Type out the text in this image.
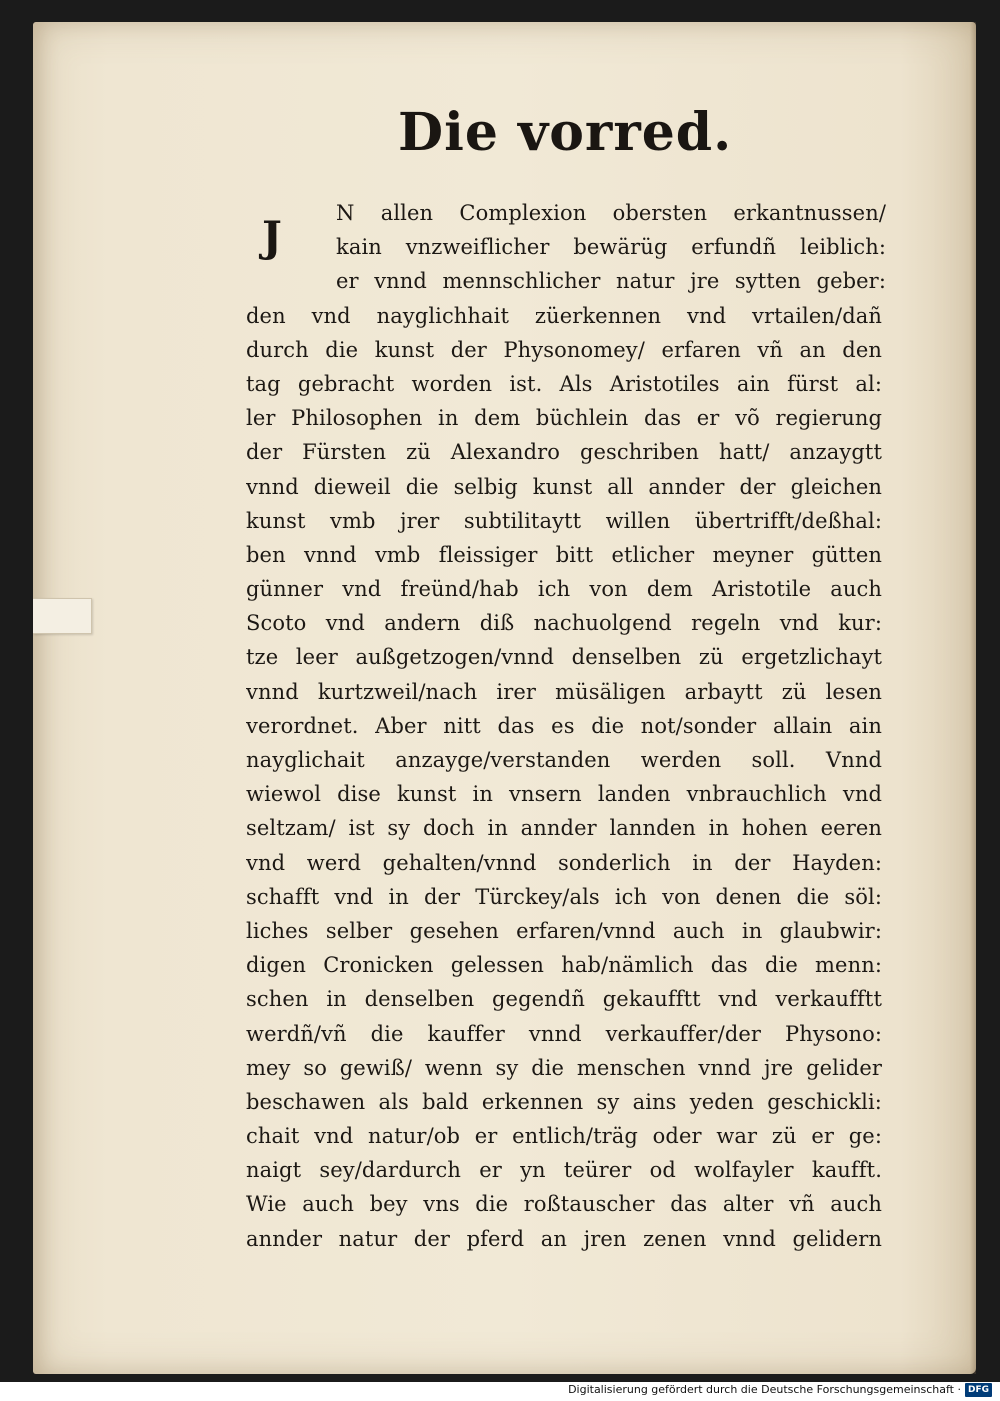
Die vorred.
J	N allen Complexion obersten erkantnussen/
kain vnzweiflicher bewärüg erfundñ leiblich:
er vnnd mennschlicher natur jre sytten geber:
den vnd nayglichhait züerkennen vnd vrtailen/dañ
durch die kunst der Physonomey/ erfaren vñ an den
tag gebracht worden ist. Als Aristotiles ain fürst al:
ler Philosophen in dem büchlein das er võ regierung
der Fürsten zü Alexandro geschriben hatt/ anzaygtt
vnnd dieweil die selbig kunst all annder der gleichen
kunst vmb jrer subtilitaytt willen übertrifft/deßhal:
ben vnnd vmb fleissiger bitt etlicher meyner gütten
günner vnd freünd/hab ich von dem Aristotile auch
Scoto vnd andern diß nachuolgend regeln vnd kur:
tze leer außgetzogen/vnnd denselben zü ergetzlichayt
vnnd kurtzweil/nach irer müsäligen arbaytt zü lesen
verordnet. Aber nitt das es die not/sonder allain ain
nayglichait anzayge/verstanden werden soll. Vnnd
wiewol dise kunst in vnsern landen vnbrauchlich vnd
seltzam/ ist sy doch in annder lannden in hohen eeren
vnd werd gehalten/vnnd sonderlich in der Hayden:
schafft vnd in der Türckey/als ich von denen die söl:
liches selber gesehen erfaren/vnnd auch in glaubwir:
digen Cronicken gelessen hab/nämlich das die menn:
schen in denselben gegendñ gekaufftt vnd verkaufftt
werdñ/vñ die kauffer vnnd verkauffer/der Physono:
mey so gewiß/ wenn sy die menschen vnnd jre gelider
beschawen als bald erkennen sy ains yeden geschickli:
chait vnd natur/ob er entlich/träg oder war zü er ge:
naigt sey/dardurch er yn teürer od wolfayler kaufft.
Wie auch bey vns die roßtauscher das alter vñ auch
annder natur der pferd an jren zenen vnnd gelidern
Digitalisierung gefördert durch die Deutsche Forschungsgemeinschaft · DFG
